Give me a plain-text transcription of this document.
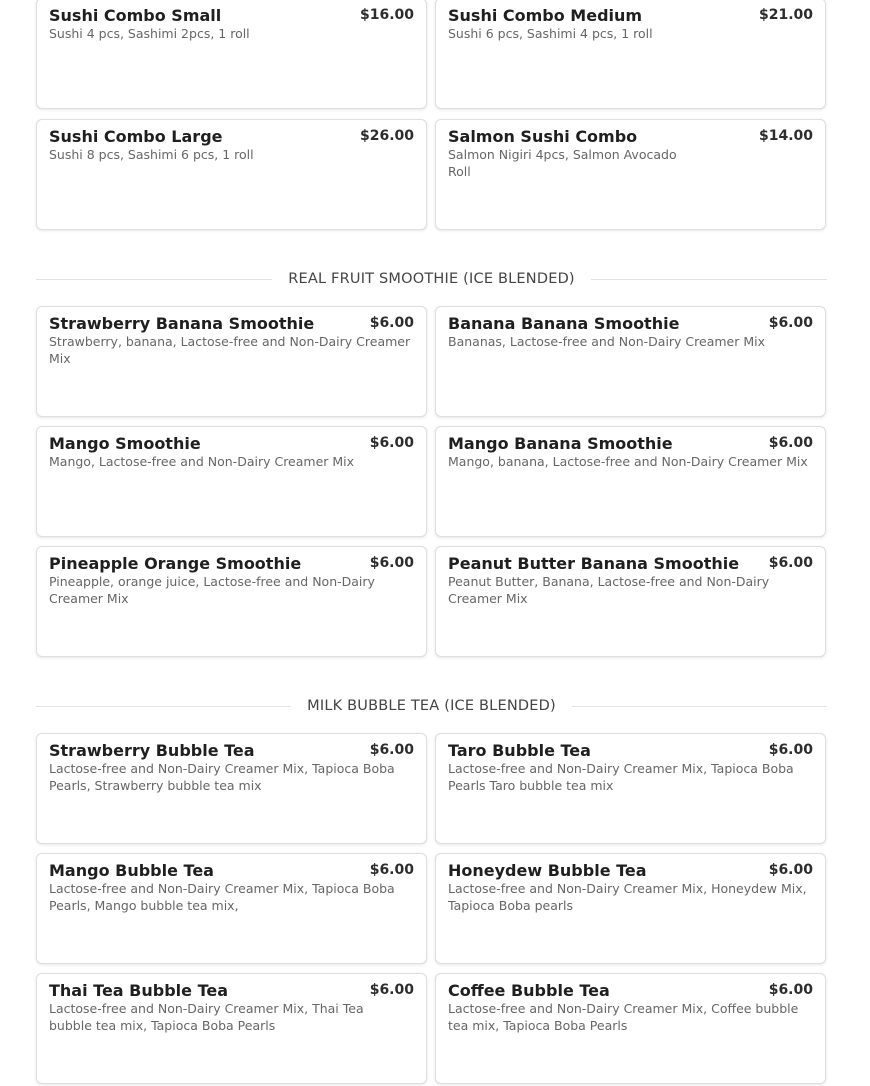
Sushi Combo Small	$16.00
Sushi 4 pcs, Sashimi 2pcs, 1 roll
Sushi Combo Medium	$21.00
Sushi 6 pcs, Sashimi 4 pcs, 1 roll
Sushi Combo Large	$26.00
Sushi 8 pcs, Sashimi 6 pcs, 1 roll
Salmon Sushi Combo	$14.00
Salmon Nigiri 4pcs, Salmon Avocado Roll
REAL FRUIT SMOOTHIE (ICE BLENDED)
Strawberry Banana Smoothie	$6.00
Strawberry, banana, Lactose-free and Non-Dairy Creamer Mix
Banana Banana Smoothie	$6.00
Bananas, Lactose-free and Non-Dairy Creamer Mix
Mango Smoothie	$6.00
Mango, Lactose-free and Non-Dairy Creamer Mix
Mango Banana Smoothie	$6.00
Mango, banana, Lactose-free and Non-Dairy Creamer Mix
Pineapple Orange Smoothie	$6.00
Pineapple, orange juice, Lactose-free and Non-Dairy Creamer Mix
Peanut Butter Banana Smoothie $6.00
Peanut Butter, Banana, Lactose-free and Non-Dairy Creamer Mix
MILK BUBBLE TEA (ICE BLENDED)
Strawberry Bubble Tea	$6.00
Lactose-free and Non-Dairy Creamer Mix, Tapioca Boba Pearls, Strawberry bubble tea mix
Taro Bubble Tea	$6.00
Lactose-free and Non-Dairy Creamer Mix, Tapioca Boba Pearls Taro bubble tea mix
Mango Bubble Tea	$6.00
Lactose-free and Non-Dairy Creamer Mix, Tapioca Boba Pearls, Mango bubble tea mix,
Honeydew Bubble Tea	$6.00
Lactose-free and Non-Dairy Creamer Mix, Honeydew Mix, Tapioca Boba pearls
Thai Tea Bubble Tea	$6.00
Lactose-free and Non-Dairy Creamer Mix, Thai Tea bubble tea mix, Tapioca Boba Pearls
Coffee Bubble Tea	$6.00
Lactose-free and Non-Dairy Creamer Mix, Coffee bubble tea mix, Tapioca Boba Pearls
